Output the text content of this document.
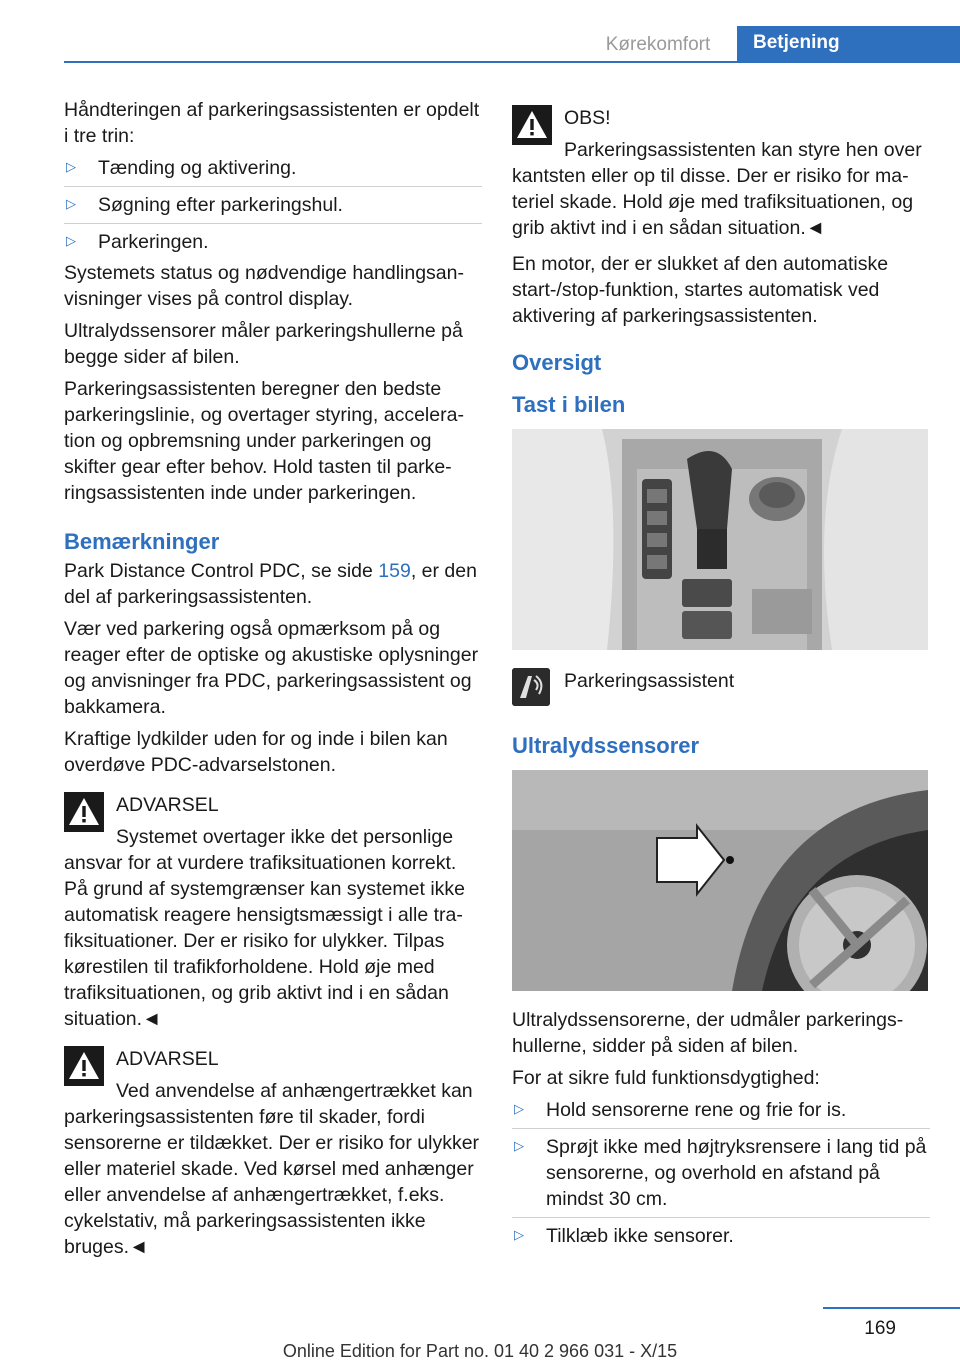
Kørekomfort	Betjening

Håndteringen af parkeringsassistenten er opdelt i tre trin:

▷ Tænding og aktivering.
▷ Søgning efter parkeringshul.
▷ Parkeringen.

Systemets status og nødvendige handlingsanvisninger vises på control display.

Ultralydssensorer måler parkeringshullerne på begge sider af bilen.

Parkeringsassistenten beregner den bedste parkeringslinie, og overtager styring, acceleration og opbremsning under parkeringen og skifter gear efter behov. Hold tasten til parkeringsassistenten inde under parkeringen.

Bemærkninger

Park Distance Control PDC, se side 159, er den del af parkeringsassistenten.

Vær ved parkering også opmærksom på og reager efter de optiske og akustiske oplysninger og anvisninger fra PDC, parkeringsassistent og bakkamera.

Kraftige lydkilder uden for og inde i bilen kan overdøve PDC-advarselstonen.

ADVARSEL
Systemet overtager ikke det personlige ansvar for at vurdere trafiksituationen korrekt. På grund af systemgrænser kan systemet ikke automatisk reagere hensigtsmæssigt i alle trafiksituationer. Der er risiko for ulykker. Tilpas kørestilen til trafikforholdene. Hold øje med trafiksituationen, og grib aktivt ind i en sådan situation.◄
ADVARSEL
Ved anvendelse af anhængertrækket kan parkeringsassistenten føre til skader, fordi sensorerne er tildækket. Der er risiko for ulykker eller materiel skade. Ved kørsel med anhænger eller anvendelse af anhængertrækket, f.eks. cykelstativ, må parkeringsassistenten ikke bruges.◄
OBS!
Parkeringsassistenten kan styre hen over kantsten eller op til disse. Der er risiko for materiel skade. Hold øje med trafiksituationen, og grib aktivt ind i en sådan situation.◄

En motor, der er slukket af den automatiske start-/stop-funktion, startes automatisk ved aktivering af parkeringsassistenten.

Oversigt
Tast i bilen
Parkeringsassistent
Ultralydssensorer

Ultralydssensorerne, der udmåler parkeringshullerne, sidder på siden af bilen.

For at sikre fuld funktionsdygtighed:

▷ Hold sensorerne rene og frie for is.
▷ Sprøjt ikke med højtryksrensere i lang tid på sensorerne, og overhold en afstand på mindst 30 cm.
▷ Tilklæb ikke sensorer.
169
Online Edition for Part no. 01 40 2 966 031 - X/15
